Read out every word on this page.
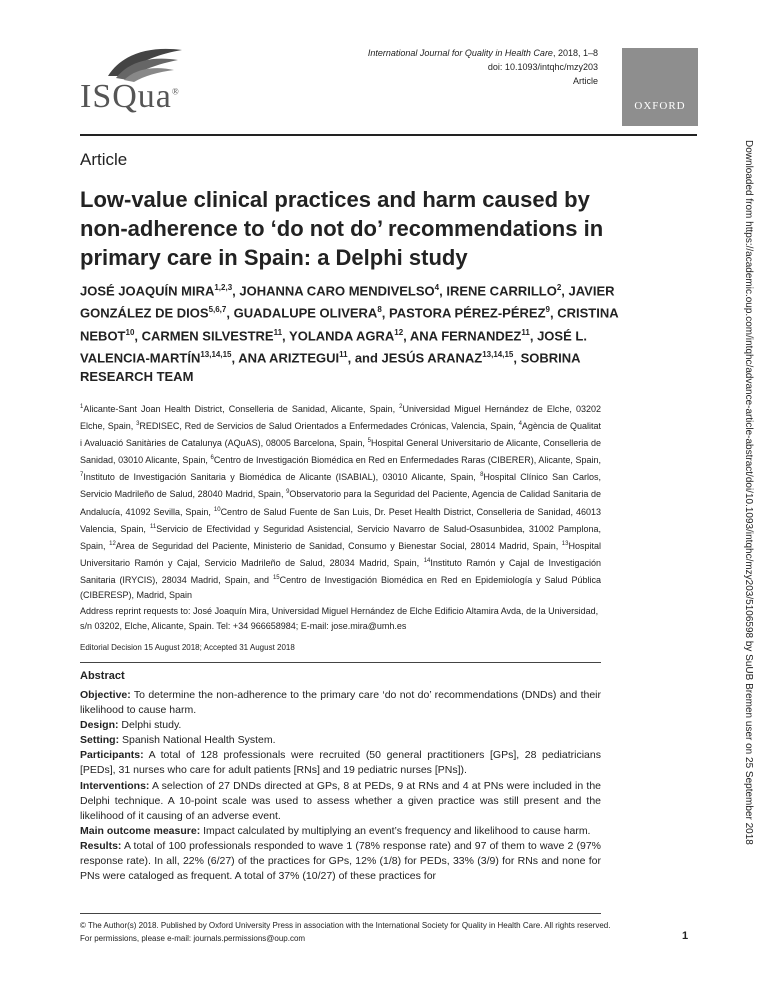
ISQua®
International Journal for Quality in Health Care, 2018, 1–8
doi: 10.1093/intqhc/mzy203
Article
OXFORD
Article
Low-value clinical practices and harm caused by non-adherence to ‘do not do’ recommendations in primary care in Spain: a Delphi study
JOSÉ JOAQUÍN MIRA$^{1,2,3}$, JOHANNA CARO MENDIVELSO$^4$, IRENE CARRILLO$^2$, JAVIER GONZÁLEZ DE DIOS$^{5,6,7}$, GUADALUPE OLIVERA$^8$, PASTORA PÉREZ-PÉREZ$^9$, CRISTINA NEBOT$^{10}$, CARMEN SILVESTRE$^{11}$, YOLANDA AGRA$^{12}$, ANA FERNANDEZ$^{11}$, JOSÉ L. VALENCIA-MARTÍN$^{13,14,15}$, ANA ARIZTEGUI$^{11}$, and JESÚS ARANAZ$^{13,14,15}$, SOBRINA RESEARCH TEAM
$^1$Alicante-Sant Joan Health District, Conselleria de Sanidad, Alicante, Spain, $^2$Universidad Miguel Hernández de Elche, 03202 Elche, Spain, $^3$REDISEC, Red de Servicios de Salud Orientados a Enfermedades Crónicas, Valencia, Spain, $^4$Agència de Qualitat i Avaluació Sanitàries de Catalunya (AQuAS), 08005 Barcelona, Spain, $^5$Hospital General Universitario de Alicante, Conselleria de Sanidad, 03010 Alicante, Spain, $^6$Centro de Investigación Biomédica en Red en Enfermedades Raras (CIBERER), Alicante, Spain, $^7$Instituto de Investigación Sanitaria y Biomédica de Alicante (ISABIAL), 03010 Alicante, Spain, $^8$Hospital Clínico San Carlos, Servicio Madrileño de Salud, 28040 Madrid, Spain, $^9$Observatorio para la Seguridad del Paciente, Agencia de Calidad Sanitaria de Andalucía, 41092 Sevilla, Spain, $^{10}$Centro de Salud Fuente de San Luis, Dr. Peset Health District, Conselleria de Sanidad, 46013 Valencia, Spain, $^{11}$Servicio de Efectividad y Seguridad Asistencial, Servicio Navarro de Salud-Osasunbidea, 31002 Pamplona, Spain, $^{12}$Area de Seguridad del Paciente, Ministerio de Sanidad, Consumo y Bienestar Social, 28014 Madrid, Spain, $^{13}$Hospital Universitario Ramón y Cajal, Servicio Madrileño de Salud, 28034 Madrid, Spain, $^{14}$Instituto Ramón y Cajal de Investigación Sanitaria (IRYCIS), 28034 Madrid, Spain, and $^{15}$Centro de Investigación Biomédica en Red en Epidemiología y Salud Pública (CIBERESP), Madrid, Spain
Address reprint requests to: José Joaquín Mira, Universidad Miguel Hernández de Elche Edificio Altamira Avda, de la Universidad, s/n 03202, Elche, Alicante, Spain. Tel: +34 966658984; E-mail: jose.mira@umh.es
Editorial Decision 15 August 2018; Accepted 31 August 2018
Abstract
Objective: To determine the non-adherence to the primary care ‘do not do’ recommendations (DNDs) and their likelihood to cause harm.
Design: Delphi study.
Setting: Spanish National Health System.
Participants: A total of 128 professionals were recruited (50 general practitioners [GPs], 28 pediatricians [PEDs], 31 nurses who care for adult patients [RNs] and 19 pediatric nurses [PNs]).
Interventions: A selection of 27 DNDs directed at GPs, 8 at PEDs, 9 at RNs and 4 at PNs were included in the Delphi technique. A 10-point scale was used to assess whether a given practice was still present and the likelihood of it causing of an adverse event.
Main outcome measure: Impact calculated by multiplying an event’s frequency and likelihood to cause harm.
Results: A total of 100 professionals responded to wave 1 (78% response rate) and 97 of them to wave 2 (97% response rate). In all, 22% (6/27) of the practices for GPs, 12% (1/8) for PEDs, 33% (3/9) for RNs and none for PNs were cataloged as frequent. A total of 37% (10/27) of these practices for
© The Author(s) 2018. Published by Oxford University Press in association with the International Society for Quality in Health Care. All rights reserved.
For permissions, please e-mail: journals.permissions@oup.com	1
Downloaded from https://academic.oup.com/intqhc/advance-article-abstract/doi/10.1093/intqhc/mzy203/5106598 by SuUB Bremen user on 25 September 2018
